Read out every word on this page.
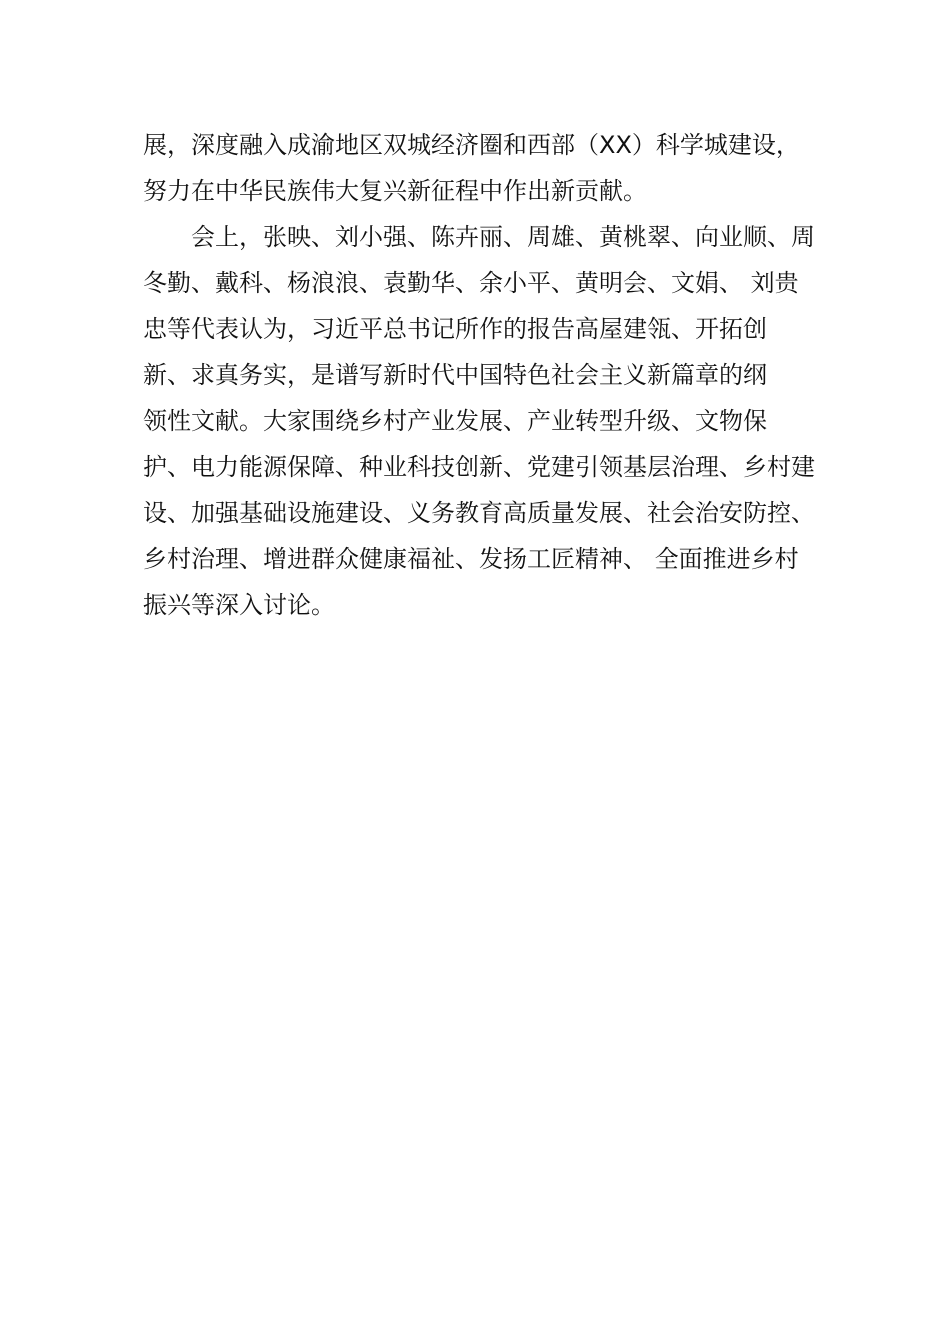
展，深度融入成渝地区双城经济圈和西部（XX）科学城建设，
努力在中华民族伟大复兴新征程中作出新贡献。
会上，张映、刘小强、陈卉丽、周雄、黄桃翠、向业顺、周
冬勤、戴科、杨浪浪、袁勤华、余小平、黄明会、文娟、 刘贵
忠等代表认为，习近平总书记所作的报告高屋建瓴、开拓创
新、求真务实，是谱写新时代中国特色社会主义新篇章的纲
领性文献。大家围绕乡村产业发展、产业转型升级、文物保
护、电力能源保障、种业科技创新、党建引领基层治理、乡村建
设、加强基础设施建设、义务教育高质量发展、社会治安防控、
乡村治理、增进群众健康福祉、发扬工匠精神、 全面推进乡村
振兴等深入讨论。
